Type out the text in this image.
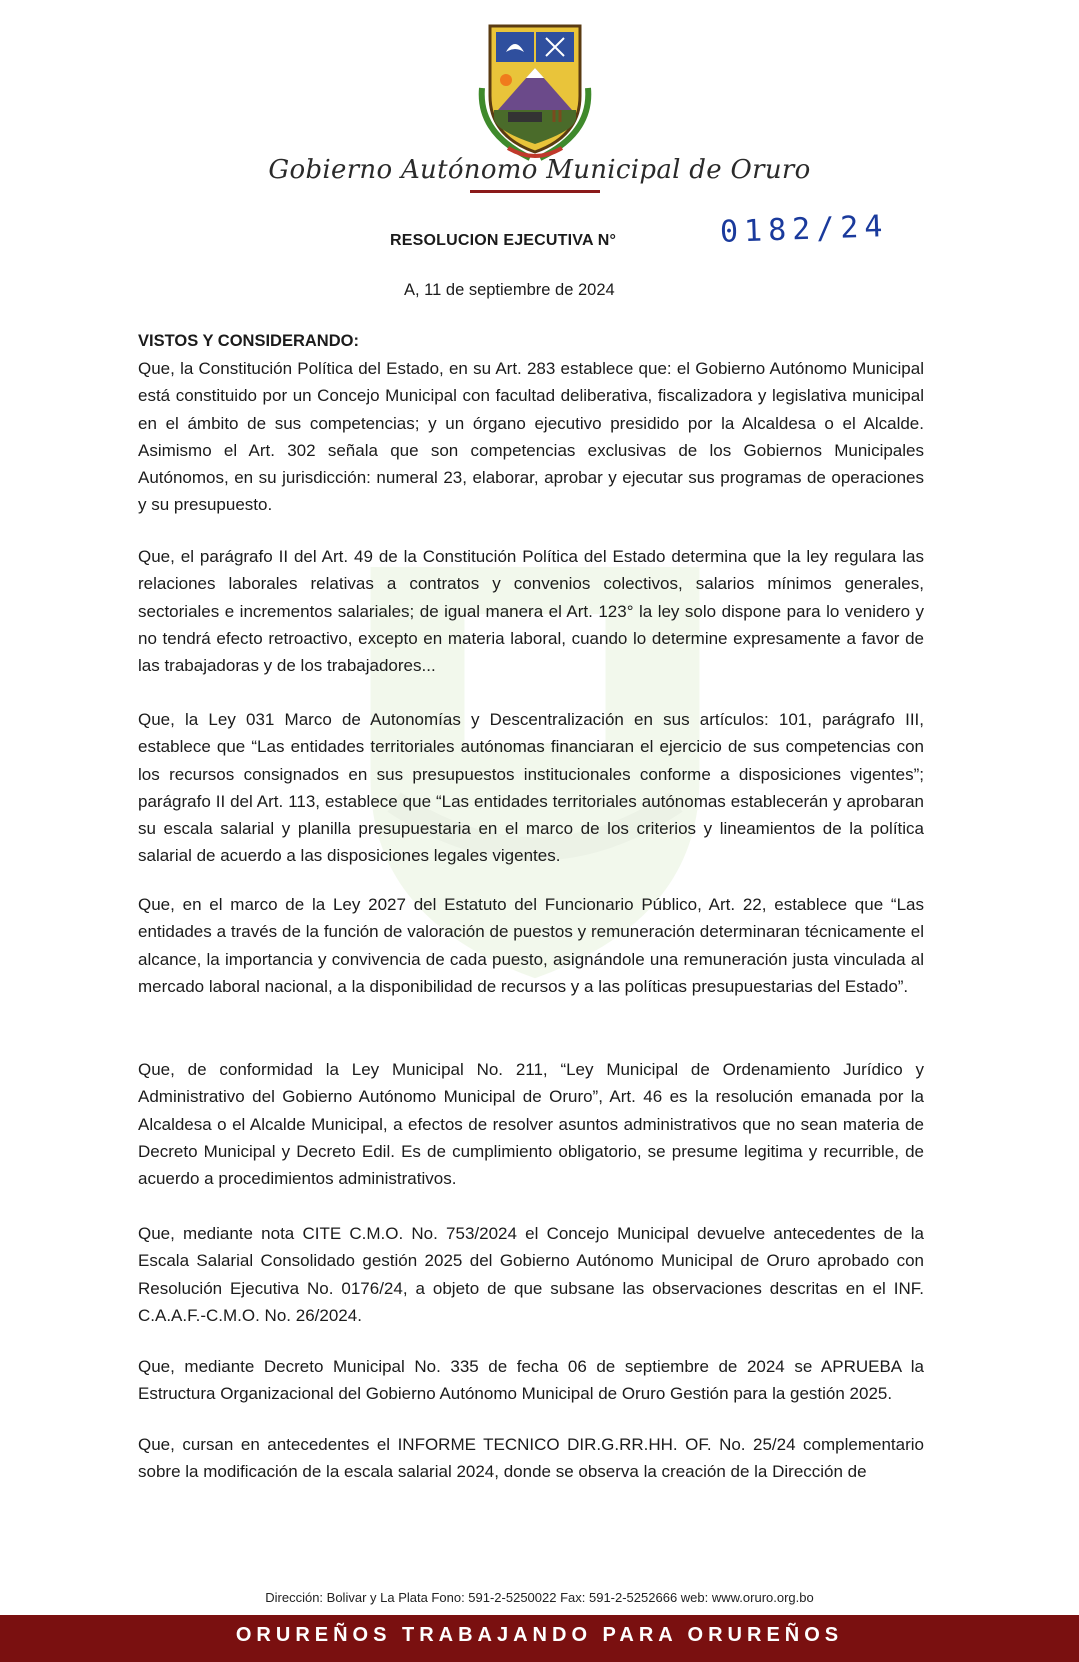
Gobierno Autónomo Municipal de Oruro
RESOLUCION EJECUTIVA N°	0182/24
A, 11 de septiembre de 2024
VISTOS Y CONSIDERANDO:

Que, la Constitución Política del Estado, en su Art. 283 establece que: el Gobierno Autónomo Municipal está constituido por un Concejo Municipal con facultad deliberativa, fiscalizadora y legislativa municipal en el ámbito de sus competencias; y un órgano ejecutivo presidido por la Alcaldesa o el Alcalde. Asimismo el Art. 302 señala que son competencias exclusivas de los Gobiernos Municipales Autónomos, en su jurisdicción: numeral 23, elaborar, aprobar y ejecutar sus programas de operaciones y su presupuesto.

Que, el parágrafo II del Art. 49 de la Constitución Política del Estado determina que la ley regulara las relaciones laborales relativas a contratos y convenios colectivos, salarios mínimos generales, sectoriales e incrementos salariales; de igual manera el Art. 123° la ley solo dispone para lo venidero y no tendrá efecto retroactivo, excepto en materia laboral, cuando lo determine expresamente a favor de las trabajadoras y de los trabajadores...

Que, la Ley 031 Marco de Autonomías y Descentralización en sus artículos: 101, parágrafo III, establece que “Las entidades territoriales autónomas financiaran el ejercicio de sus competencias con los recursos consignados en sus presupuestos institucionales conforme a disposiciones vigentes”; parágrafo II del Art. 113, establece que “Las entidades territoriales autónomas establecerán y aprobaran su escala salarial y planilla presupuestaria en el marco de los criterios y lineamientos de la política salarial de acuerdo a las disposiciones legales vigentes.

Que, en el marco de la Ley 2027 del Estatuto del Funcionario Público, Art. 22, establece que “Las entidades a través de la función de valoración de puestos y remuneración determinaran técnicamente el alcance, la importancia y convivencia de cada puesto, asignándole una remuneración justa vinculada al mercado laboral nacional, a la disponibilidad de recursos y a las políticas presupuestarias del Estado”.

Que, de conformidad la Ley Municipal No. 211, “Ley Municipal de Ordenamiento Jurídico y Administrativo del Gobierno Autónomo Municipal de Oruro”, Art. 46 es la resolución emanada por la Alcaldesa o el Alcalde Municipal, a efectos de resolver asuntos administrativos que no sean materia de Decreto Municipal y Decreto Edil. Es de cumplimiento obligatorio, se presume legitima y recurrible, de acuerdo a procedimientos administrativos.

Que, mediante nota CITE C.M.O. No. 753/2024 el Concejo Municipal devuelve antecedentes de la Escala Salarial Consolidado gestión 2025 del Gobierno Autónomo Municipal de Oruro aprobado con Resolución Ejecutiva No. 0176/24, a objeto de que subsane las observaciones descritas en el INF. C.A.A.F.-C.M.O. No. 26/2024.

Que, mediante Decreto Municipal No. 335 de fecha 06 de septiembre de 2024 se APRUEBA la Estructura Organizacional del Gobierno Autónomo Municipal de Oruro Gestión para la gestión 2025.

Que, cursan en antecedentes el INFORME TECNICO DIR.G.RR.HH. OF. No. 25/24 complementario sobre la modificación de la escala salarial 2024, donde se observa la creación de la Dirección de

Dirección: Bolivar y La Plata Fono: 591-2-5250022 Fax: 591-2-5252666 web: www.oruro.org.bo
ORUREÑOS TRABAJANDO PARA ORUREÑOS
